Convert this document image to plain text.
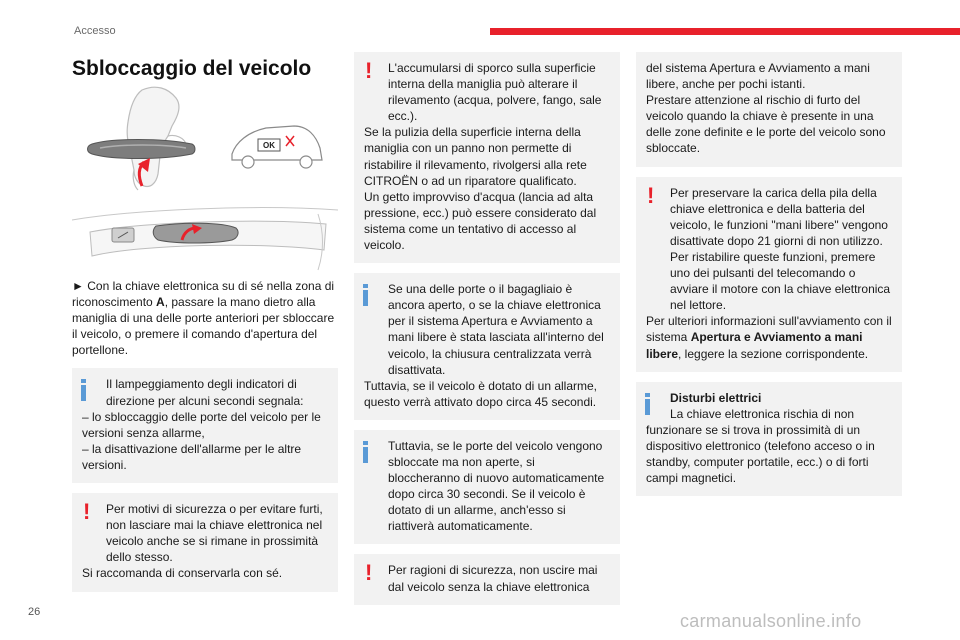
Accesso
Sbloccaggio del veicolo
OK
A

► Con la chiave elettronica su di sé nella zona di riconoscimento A, passare la mano dietro alla maniglia di una delle porte anteriori per sbloccare il veicolo, o premere il comando d'apertura del portellone.

Il lampeggiamento degli indicatori di direzione per alcuni secondi segnala:
– lo sbloccaggio delle porte del veicolo per le versioni senza allarme,
– la disattivazione dell'allarme per le altre versioni.
!	Per motivi di sicurezza o per evitare furti, non lasciare mai la chiave elettronica nel veicolo anche se si rimane in prossimità dello stesso.
Si raccomanda di conservarla con sé.
!	L'accumularsi di sporco sulla superficie interna della maniglia può alterare il rilevamento (acqua, polvere, fango, sale ecc.).
Se la pulizia della superficie interna della maniglia con un panno non permette di ristabilire il rilevamento, rivolgersi alla rete CITROËN o ad un riparatore qualificato.
Un getto improvviso d'acqua (lancia ad alta pressione, ecc.) può essere considerato dal sistema come un tentativo di accesso al veicolo.
Se una delle porte o il bagagliaio è ancora aperto, o se la chiave elettronica per il sistema Apertura e Avviamento a mani libere è stata lasciata all'interno del veicolo, la chiusura centralizzata verrà disattivata.
Tuttavia, se il veicolo è dotato di un allarme, questo verrà attivato dopo circa 45 secondi.
Tuttavia, se le porte del veicolo vengono sbloccate ma non aperte, si bloccheranno di nuovo automaticamente dopo circa 30 secondi. Se il veicolo è dotato di un allarme, anch'esso si riattiverà automaticamente.
!	Per ragioni di sicurezza, non uscire mai dal veicolo senza la chiave elettronica
del sistema Apertura e Avviamento a mani libere, anche per pochi istanti.
Prestare attenzione al rischio di furto del veicolo quando la chiave è presente in una delle zone definite e le porte del veicolo sono sbloccate.
!	Per preservare la carica della pila della chiave elettronica e della batteria del veicolo, le funzioni "mani libere" vengono disattivate dopo 21 giorni di non utilizzo. Per ristabilire queste funzioni, premere uno dei pulsanti del telecomando o avviare il motore con la chiave elettronica nel lettore.
Per ulteriori informazioni sull'avviamento con il sistema Apertura e Avviamento a mani libere, leggere la sezione corrispondente.
Disturbi elettrici
La chiave elettronica rischia di non funzionare se si trova in prossimità di un dispositivo elettronico (telefono acceso o in standby, computer portatile, ecc.) o di forti campi magnetici.
26	carmanualsonline.info
